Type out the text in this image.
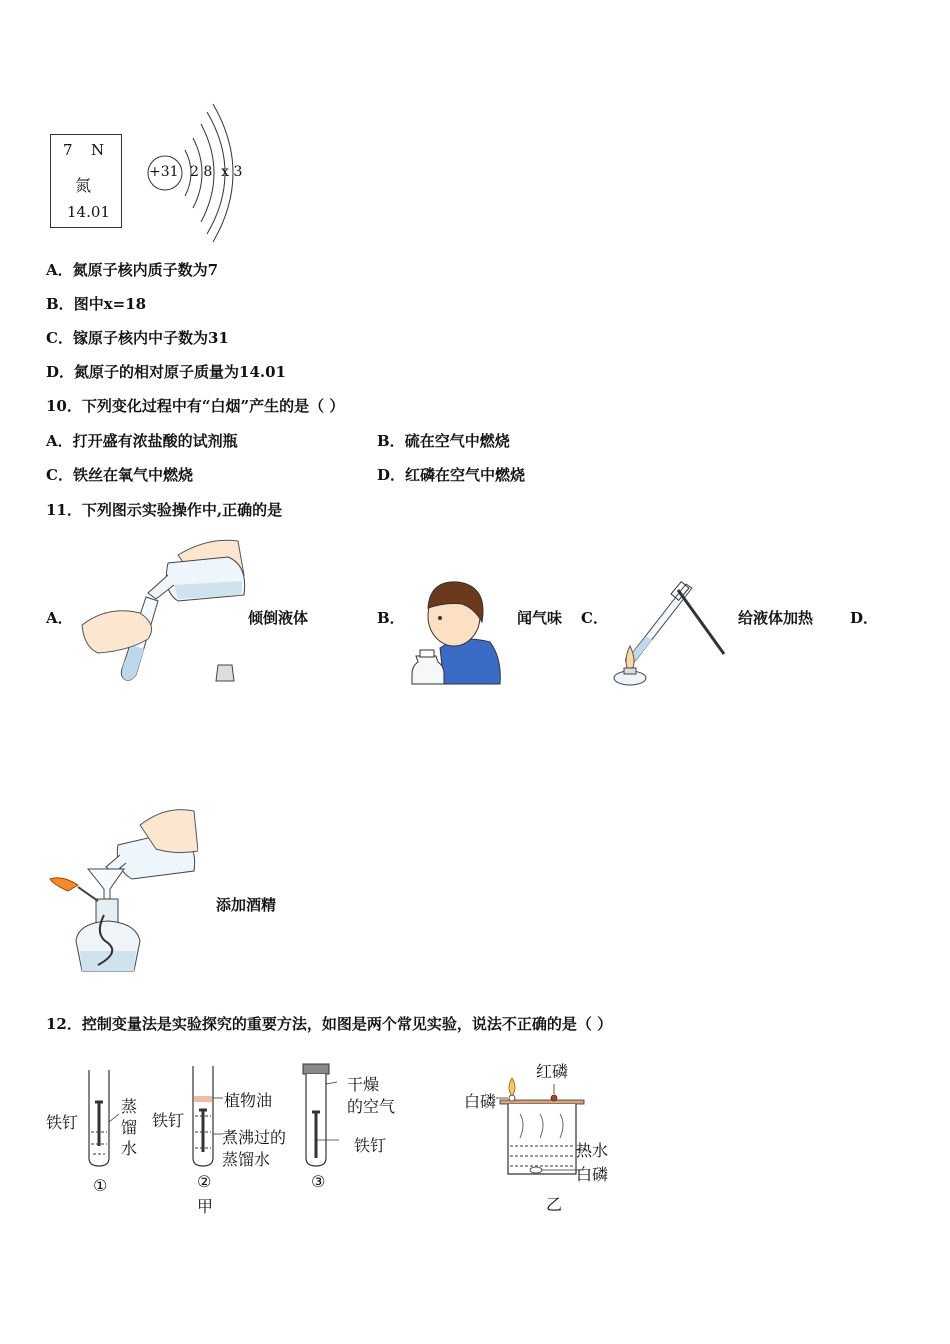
7 N
氮
14.01
+31 2 8  x 3
A．氮原子核内质子数为7
B．图中x=18
C．镓原子核内中子数为31
D．氮原子的相对原子质量为14.01
10．下列变化过程中有“白烟”产生的是（ ）
A．打开盛有浓盐酸的试剂瓶	B．硫在空气中燃烧
C．铁丝在氧气中燃烧	D．红磷在空气中燃烧
11．下列图示实验操作中,正确的是
A．	倾倒液体	B．	闻气味 C．	给液体加热 D．
添加酒精
12．控制变量法是实验探究的重要方法，如图是两个常见实验，说法不正确的是（ ）
铁钉
蒸
馏
水
①
铁钉
植物油
煮沸过的
蒸馏水
②
干燥
的空气
铁钉
③
甲
红磷
白磷
热水
白磷
乙
